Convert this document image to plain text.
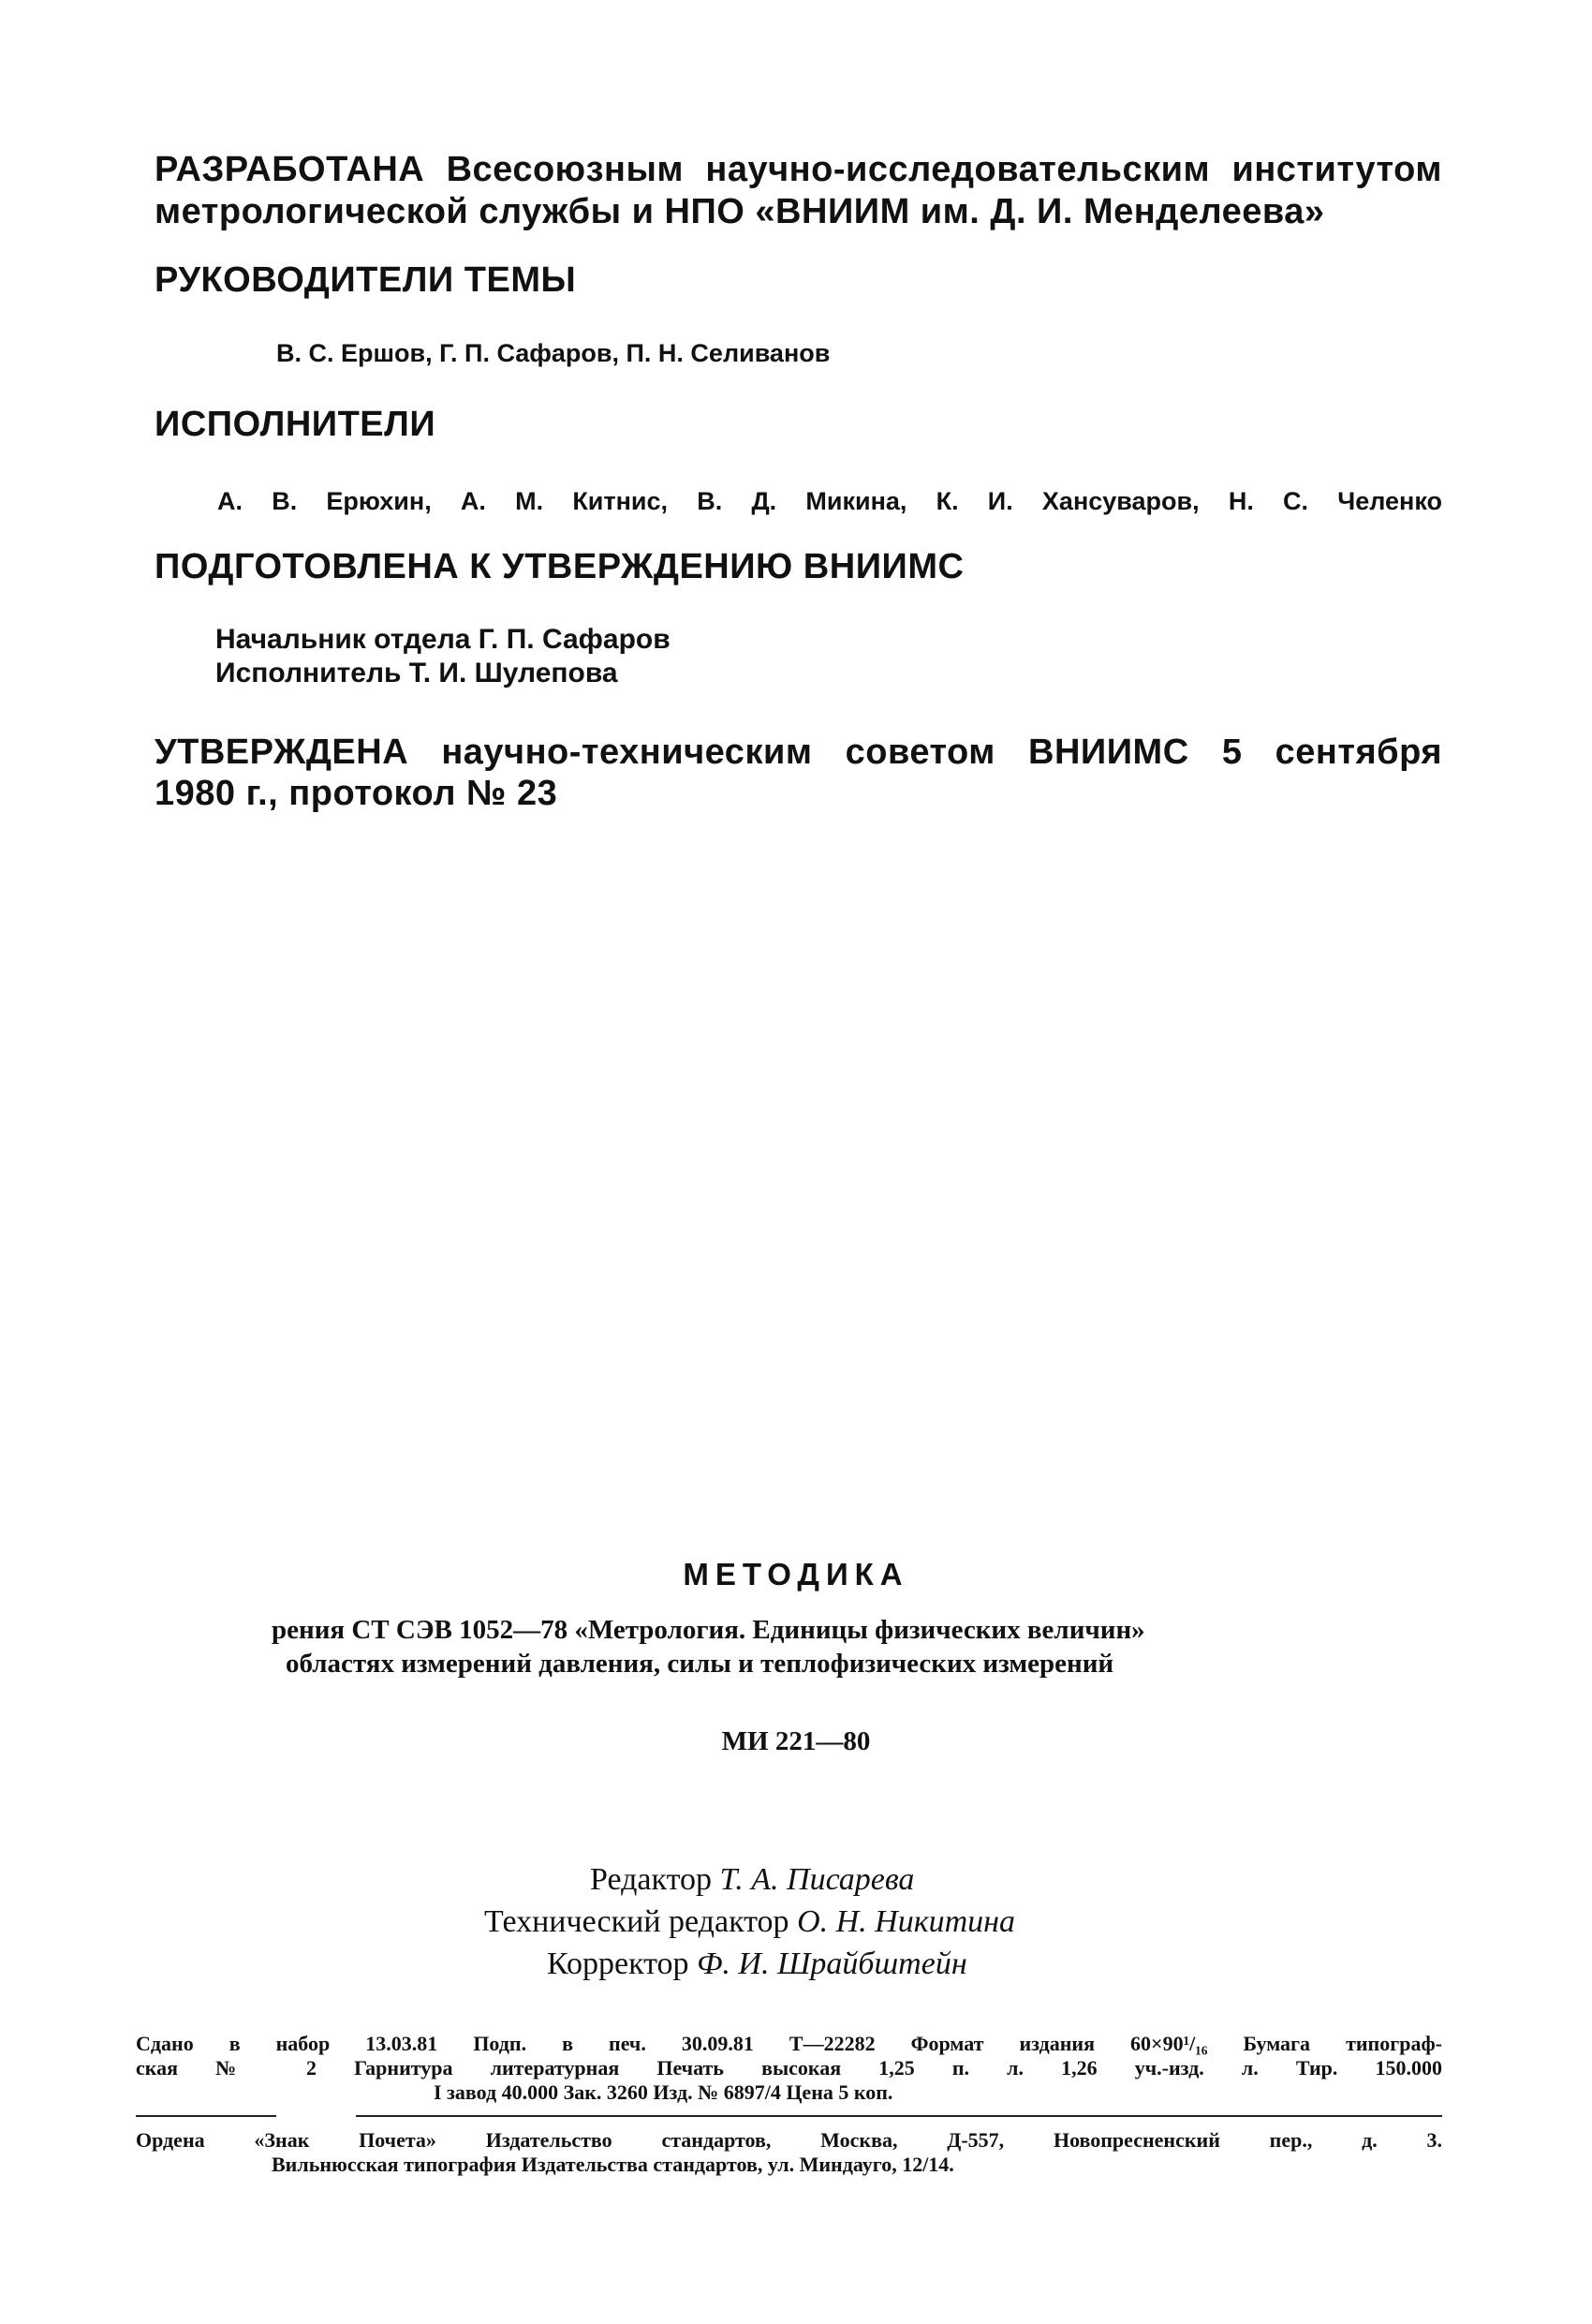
РАЗРАБОТАНА Всесоюзным научно-исследовательским институтом
метрологической службы и НПО «ВНИИМ им. Д. И. Менделеева»
РУКОВОДИТЕЛИ ТЕМЫ
В. С. Ершов, Г. П. Сафаров, П. Н. Селиванов
ИСПОЛНИТЕЛИ
А. В. Ерюхин, А. М. Китнис, В. Д. Микина, К. И. Хансуваров, Н. С. Челенко
ПОДГОТОВЛЕНА К УТВЕРЖДЕНИЮ ВНИИМС
Начальник отдела Г. П. Сафаров
Исполнитель Т. И. Шулепова
УТВЕРЖДЕНА научно-техническим советом ВНИИМС 5 сентября
1980 г., протокол № 23
МЕТОДИКА
рения СТ СЭВ 1052—78 «Метрология. Единицы физических величин»
областях измерений давления, силы и теплофизических измерений
МИ 221—80
Редактор Т. А. Писарева
Технический редактор О. Н. Никитина
Корректор Ф. И. Шрайбштейн
Сдано в набор 13.03.81 Подп. в печ. 30.09.81 Т—22282 Формат издания 60×90¹/₁₆ Бумага типограф-
ская № 2 Гарнитура литературная Печать высокая 1,25 п. л. 1,26 уч.-изд. л. Тир. 150.000
I завод 40.000 Зак. 3260 Изд. № 6897/4 Цена 5 коп.
Ордена «Знак Почета» Издательство стандартов, Москва, Д-557, Новопресненский пер., д. 3.
Вильнюсская типография Издательства стандартов, ул. Миндауго, 12/14.
